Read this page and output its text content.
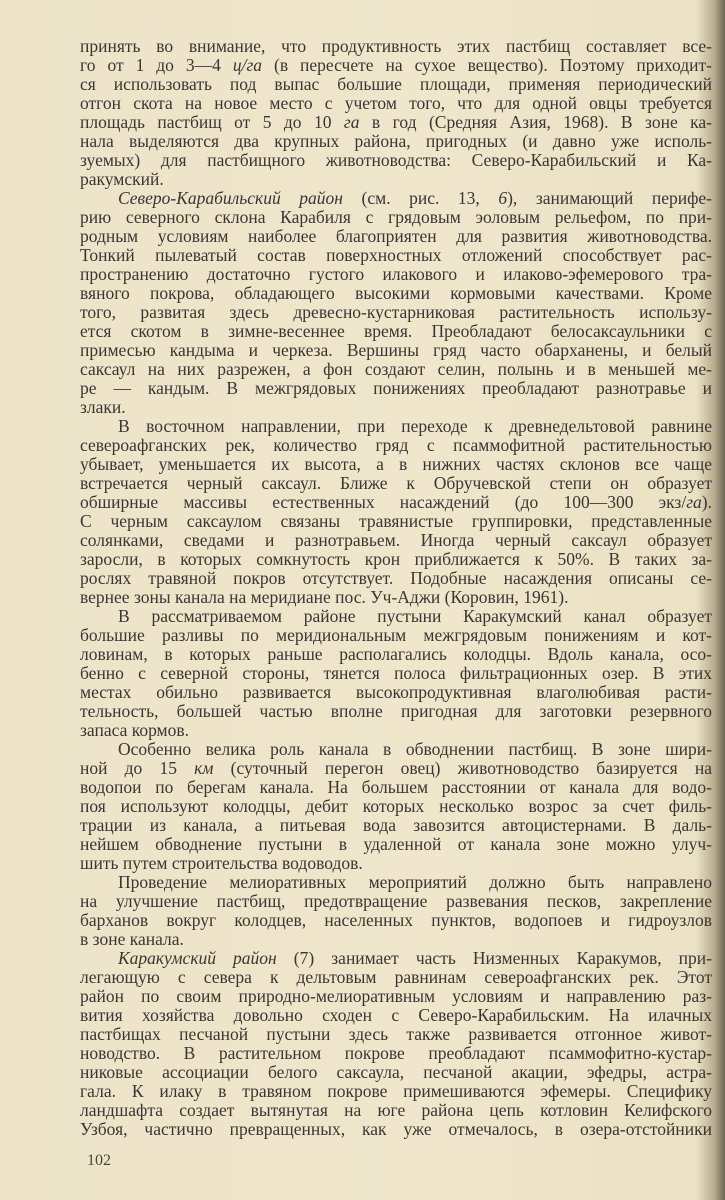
принять во внимание, что продуктивность этих пастбищ составляет все-
го от 1 до 3—4 ц/га (в пересчете на сухое вещество). Поэтому приходит-
ся использовать под выпас большие площади, применяя периодический
отгон скота на новое место с учетом того, что для одной овцы требуется
площадь пастбищ от 5 до 10 га в год (Средняя Азия, 1968). В зоне ка-
нала выделяются два крупных района, пригодных (и давно уже исполь-
зуемых) для пастбищного животноводства: Северо-Карабильский и Ка-
ракумский.
Северо-Карабильский район (см. рис. 13, 6), занимающий перифе-
рию северного склона Карабиля с грядовым эоловым рельефом, по при-
родным условиям наиболее благоприятен для развития животноводства.
Тонкий пылеватый состав поверхностных отложений способствует рас-
пространению достаточно густого илакового и илаково-эфемерового тра-
вяного покрова, обладающего высокими кормовыми качествами. Кроме
того, развитая здесь древесно-кустарниковая растительность использу-
ется скотом в зимне-весеннее время. Преобладают белосаксаульники с
примесью кандыма и черкеза. Вершины гряд часто обарханены, и белый
саксаул на них разрежен, а фон создают селин, полынь и в меньшей ме-
ре — кандым. В межгрядовых понижениях преобладают разнотравье и
злаки.
В восточном направлении, при переходе к древнедельтовой равнине
североафганских рек, количество гряд с псаммофитной растительностью
убывает, уменьшается их высота, а в нижних частях склонов все чаще
встречается черный саксаул. Ближе к Обручевской степи он образует
обширные массивы естественных насаждений (до 100—300 экз/га).
С черным саксаулом связаны травянистые группировки, представленные
солянками, сведами и разнотравьем. Иногда черный саксаул образует
заросли, в которых сомкнутость крон приближается к 50%. В таких за-
рослях травяной покров отсутствует. Подобные насаждения описаны се-
вернее зоны канала на меридиане пос. Уч-Аджи (Коровин, 1961).
В рассматриваемом районе пустыни Каракумский канал образует
большие разливы по меридиональным межгрядовым понижениям и кот-
ловинам, в которых раньше располагались колодцы. Вдоль канала, осо-
бенно с северной стороны, тянется полоса фильтрационных озер. В этих
местах обильно развивается высокопродуктивная влаголюбивая расти-
тельность, большей частью вполне пригодная для заготовки резервного
запаса кормов.
Особенно велика роль канала в обводнении пастбищ. В зоне шири-
ной до 15 км (суточный перегон овец) животноводство базируется на
водопои по берегам канала. На большем расстоянии от канала для водо-
поя используют колодцы, дебит которых несколько возрос за счет филь-
трации из канала, а питьевая вода завозится автоцистернами. В даль-
нейшем обводнение пустыни в удаленной от канала зоне можно улуч-
шить путем строительства водоводов.
Проведение мелиоративных мероприятий должно быть направлено
на улучшение пастбищ, предотвращение развевания песков, закрепление
барханов вокруг колодцев, населенных пунктов, водопоев и гидроузлов
в зоне канала.
Каракумский район (7) занимает часть Низменных Каракумов, при-
легающую с севера к дельтовым равнинам североафганских рек. Этот
район по своим природно-мелиоративным условиям и направлению раз-
вития хозяйства довольно сходен с Северо-Карабильским. На илачных
пастбищах песчаной пустыни здесь также развивается отгонное живот-
новодство. В растительном покрове преобладают псаммофитно-кустар-
никовые ассоциации белого саксаула, песчаной акации, эфедры, астра-
гала. К илаку в травяном покрове примешиваются эфемеры. Специфику
ландшафта создает вытянутая на юге района цепь котловин Келифского
Узбоя, частично превращенных, как уже отмечалось, в озера-отстойники
102
